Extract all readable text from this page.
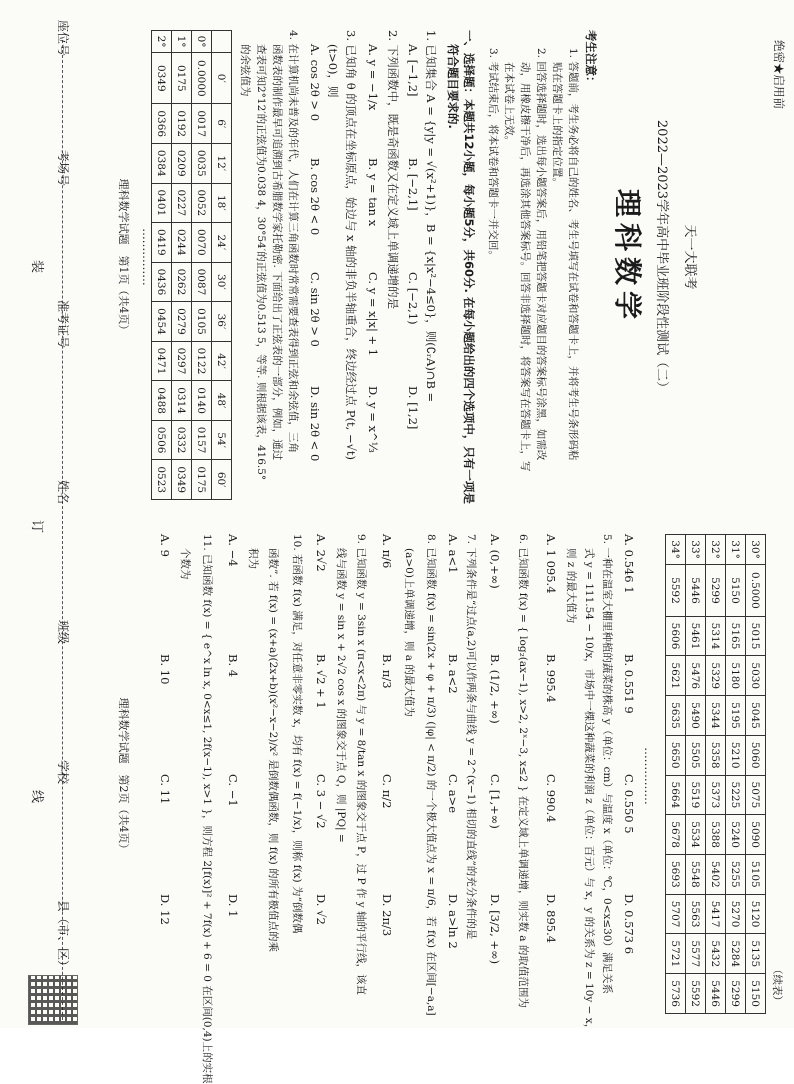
座位号
考场号
准考证号
姓名
班级
学校
县（市、区）
装
订
线
绝密★启用前
天一大联考
2022—2023学年高中毕业班阶段性测试（二）
理科数学
考生注意：
1. 答题前，考生务必将自己的姓名、考生号填写在试卷和答题卡上，并将考生号条形码粘
贴在答题卡上的指定位置。
2. 回答选择题时，选出每小题答案后，用铅笔把答题卡对应题目的答案标号涂黑，如需改
动，用橡皮擦干净后，再选涂其他答案标号。回答非选择题时，将答案写在答题卡上，写
在本试卷上无效。
3. 考试结束后，将本试卷和答题卡一并交回。
一、选择题：本题共12小题，每小题5分，共60分. 在每小题给出的四个选项中，只有一项是
符合题目要求的.
1. 已知集合 A = {y|y = √(x²+1)}，B = {x|x²−4≤0}，则(∁ᵣA)∩B =
A. [−1,2]
B. [−2,1]
C. [−2,1)
D. [1,2]
2. 下列函数中，既是奇函数又在定义域上单调递增的是
A. y = −1/x
B. y = tan x
C. y = x|x| + 1
D. y = x^⅓
3. 已知角 θ 的顶点在坐标原点，始边与 x 轴的非负半轴重合，终边经过点 P(t, −√t)
(t>0)，则
A. cos 2θ > 0
B. cos 2θ < 0
C. sin 2θ > 0
D. sin 2θ < 0
4. 在计算机尚未普及的年代，人们在计算三角函数时常常需要查表得到正弦和余弦值，三角
函数表的制作最早可追溯到古希腊数学家托勒密. 下面给出了正弦表的一部分，例如，通过
查表可知2°12′的正弦值为0.038 4，30°54′的正弦值为0.513 5，等等. 则根据该表，416.5°
的余弦值为
	0′	6′	12′	18′	24′	30′	36′	42′	48′	54′	60′
0°	0.0000	0017	0035	0052	0070	0087	0105	0122	0140	0157	0175
1°	0175	0192	0209	0227	0244	0262	0279	0297	0314	0332	0349
2°	0349	0366	0384	0401	0419	0436	0454	0471	0488	0506	0523
……………
理科数学试题　第1页（共4页）
（续表）
30°	0.5000	5015	5030	5045	5060	5075	5090	5105	5120	5135	5150
31°	5150	5165	5180	5195	5210	5225	5240	5255	5270	5284	5299
32°	5299	5314	5329	5344	5358	5373	5388	5402	5417	5432	5446
33°	5446	5461	5476	5490	5505	5519	5534	5548	5563	5577	5592
34°	5592	5606	5621	5635	5650	5664	5678	5693	5707	5721	5736
……………
A. 0.546 1
B. 0.551 9
C. 0.550 5
D. 0.573 6
5. 一种在温室大棚里种植的蔬菜的株高 y（单位：cm）与温度 x（单位：℃，0<x≤30）满足关系
式 y = 111.54 − 10/x，市场中一棵这种蔬菜的利润 z（单位：百元）与 x，y 的关系为 z = 10y − x，
则 z 的最大值为
A. 1 095.4
B. 995.4
C. 990.4
D. 895.4
6. 已知函数 f(x) = { log₂(ax−1), x>2, 2ˣ−3, x≤2 } 在定义域上单调递增，则实数 a 的取值范围为
A. (0,+∞)
B. (1/2, +∞)
C. [1,+∞)
D. [3/2, +∞)
7. 下列条件是“过点(a,2)可以作两条与曲线 y = 2^(x−1) 相切的直线”的充分条件的是
A. a<1
B. a<2
C. a>e
D. a>ln 2
8. 已知函数 f(x) = sin(2x + φ + π/3) (|φ| < π/2) 的一个极大值点为 x = π/6，若 f(x) 在区间[−a,a]
(a>0)上单调递增，则 a 的最大值为
A. π/6
B. π/3
C. π/2
D. 2π/3
9. 已知函数 y = 3sin x (π<x<2π) 与 y = 8/tan x 的图象交于点 P，过 P 作 y 轴的平行线，该直
线与函数 y = sin x + 2√2 cos x 的图象交于点 Q，则 |PQ| =
A. 2√2
B. √2 + 1
C. 3 − √2
D. √2
10. 若函数 f(x) 满足，对任意非零实数 x，均有 f(x) = f(−1/x)，则称 f(x) 为“倒数偶
函数”. 若 f(x) = (x+a)(2x+b)(x²−x−2)/x² 是倒数偶函数，则 f(x) 的所有极值点的乘
积为
A. −4
B. 4
C. −1
D. 1
11. 已知函数 f(x) = { e^x ln x, 0<x≤1, 2f(x−1), x>1 }，则方程 2[f(x)]² + 7f(x) + 6 = 0 在区间(0,4)上的实根
个数为
A. 9
B. 10
C. 11
D. 12
理科数学试题　第2页（共4页）
